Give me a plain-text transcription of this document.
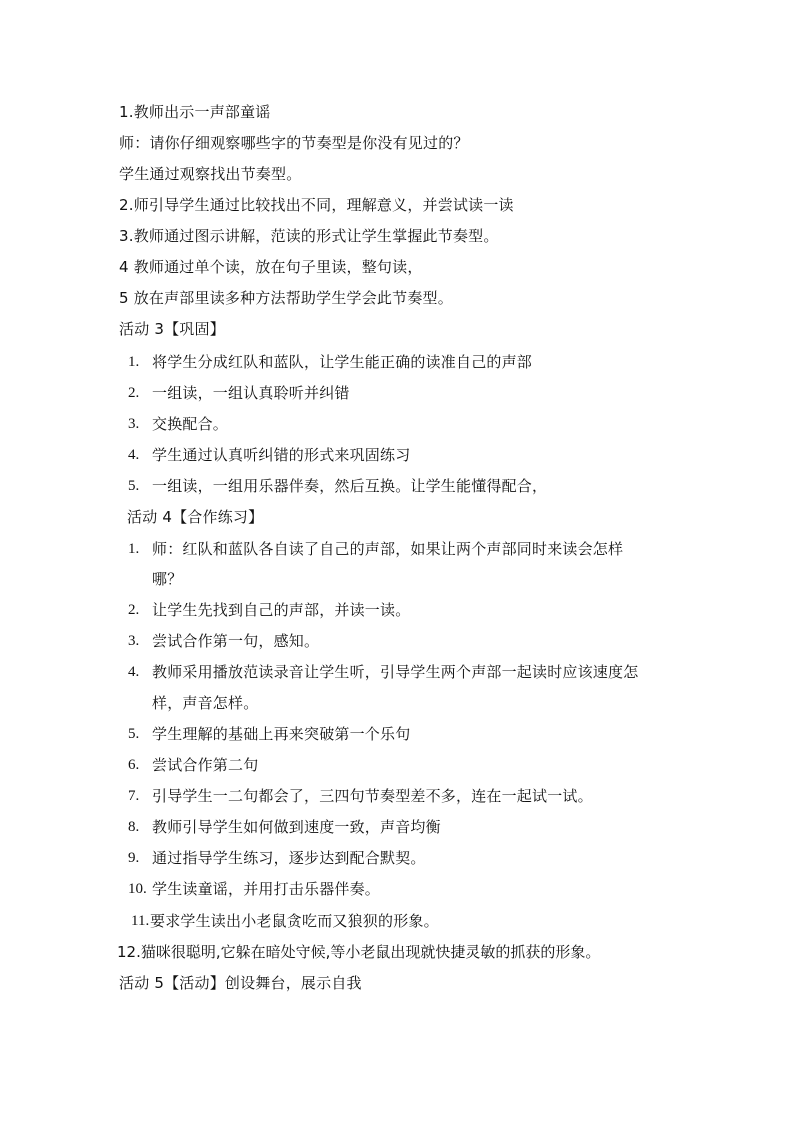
1.教师出示一声部童谣
师：请你仔细观察哪些字的节奏型是你没有见过的？
学生通过观察找出节奏型。
2.师引导学生通过比较找出不同，理解意义，并尝试读一读
3.教师通过图示讲解，范读的形式让学生掌握此节奏型。
4 教师通过单个读，放在句子里读，整句读，
5 放在声部里读多种方法帮助学生学会此节奏型。
活动 3【巩固】
1. 将学生分成红队和蓝队，让学生能正确的读准自己的声部
2. 一组读，一组认真聆听并纠错
3. 交换配合。
4. 学生通过认真听纠错的形式来巩固练习
5. 一组读，一组用乐器伴奏，然后互换。让学生能懂得配合，
活动 4【合作练习】
1. 师：红队和蓝队各自读了自己的声部，如果让两个声部同时来读会怎样
哪？
2. 让学生先找到自己的声部，并读一读。
3. 尝试合作第一句，感知。
4. 教师采用播放范读录音让学生听，引导学生两个声部一起读时应该速度怎
样，声音怎样。
5. 学生理解的基础上再来突破第一个乐句
6. 尝试合作第二句
7. 引导学生一二句都会了，三四句节奏型差不多，连在一起试一试。
8. 教师引导学生如何做到速度一致，声音均衡
9. 通过指导学生练习，逐步达到配合默契。
10. 学生读童谣，并用打击乐器伴奏。
11. 要求学生读出小老鼠贪吃而又狼狈的形象。
12.猫咪很聪明,它躲在暗处守候,等小老鼠出现就快捷灵敏的抓获的形象。
活动 5【活动】创设舞台，展示自我
